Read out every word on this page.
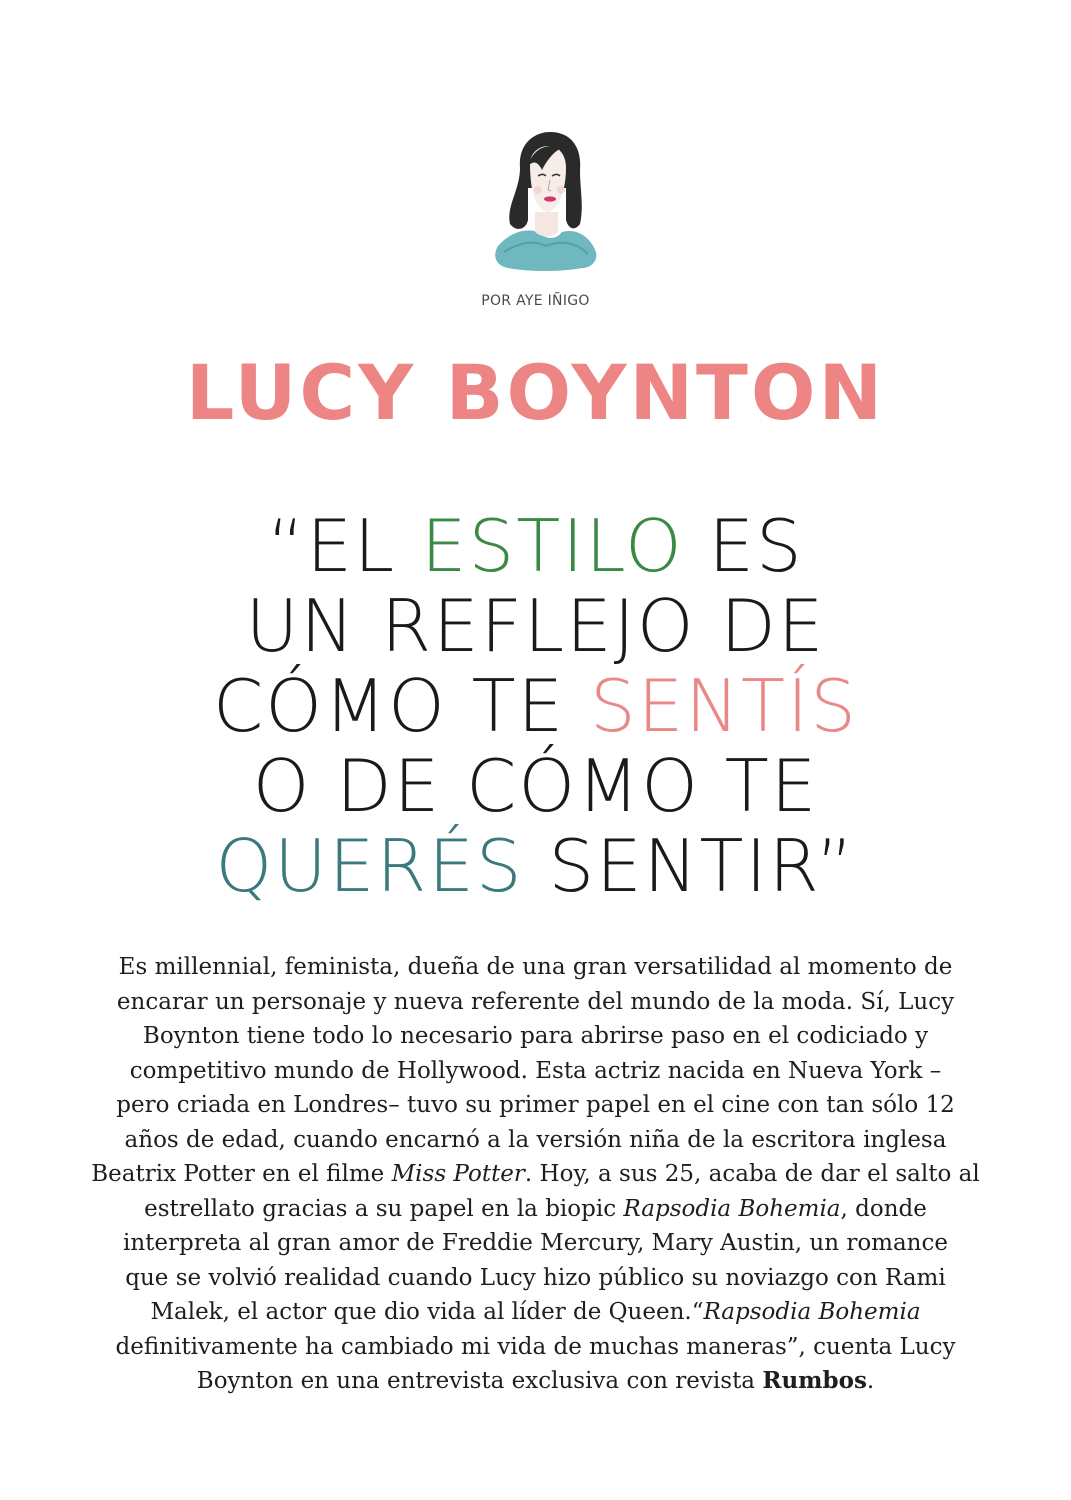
POR AYE IÑIGO
LUCY BOYNTON
“EL ESTILO ES
UN REFLEJO DE
CÓMO TE SENTÍS
O DE CÓMO TE
QUERÉS SENTIR”
Es millennial, feminista, dueña de una gran versatilidad al momento de
encarar un personaje y nueva referente del mundo de la moda. Sí, Lucy
Boynton tiene todo lo necesario para abrirse paso en el codiciado y
competitivo mundo de Hollywood. Esta actriz nacida en Nueva York –
pero criada en Londres– tuvo su primer papel en el cine con tan sólo 12
años de edad, cuando encarnó a la versión niña de la escritora inglesa
Beatrix Potter en el filme Miss Potter. Hoy, a sus 25, acaba de dar el salto al
estrellato gracias a su papel en la biopic Rapsodia Bohemia, donde
interpreta al gran amor de Freddie Mercury, Mary Austin, un romance
que se volvió realidad cuando Lucy hizo público su noviazgo con Rami
Malek, el actor que dio vida al líder de Queen.“Rapsodia Bohemia
definitivamente ha cambiado mi vida de muchas maneras”, cuenta Lucy
Boynton en una entrevista exclusiva con revista Rumbos.
